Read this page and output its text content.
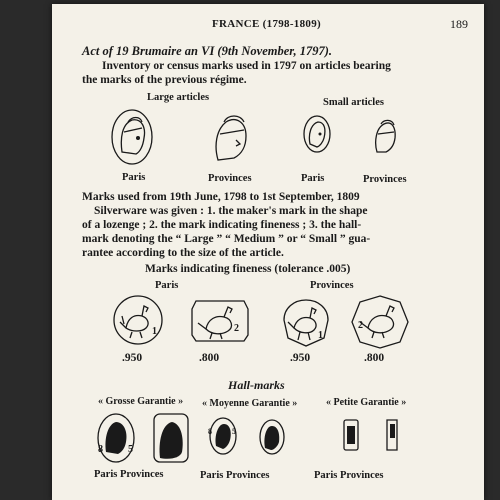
FRANCE (1798-1809)	189
Act of 19 Brumaire an VI (9th November, 1797).
Inventory or census marks used in 1797 on articles bearing
the marks of the previous régime.
Large articles	Small articles
Paris	Provinces	Paris	Provinces
Marks used from 19th June, 1798 to 1st September, 1809
Silverware was given : 1. the maker's mark in the shape
of a lozenge ; 2. the mark indicating fineness ; 3. the hall-
mark denoting the “ Large ” “ Medium ” or “ Small ” gua-
rantee according to the size of the article.
Marks indicating fineness (tolerance .005)
Paris	Provinces
1	2
1
2
.950	.800	.950	.800
Hall-marks
« Grosse Garantie » « Moyenne Garantie »	« Petite Garantie »
8	5
8	5
Paris Provinces	Paris Provinces	Paris Provinces
